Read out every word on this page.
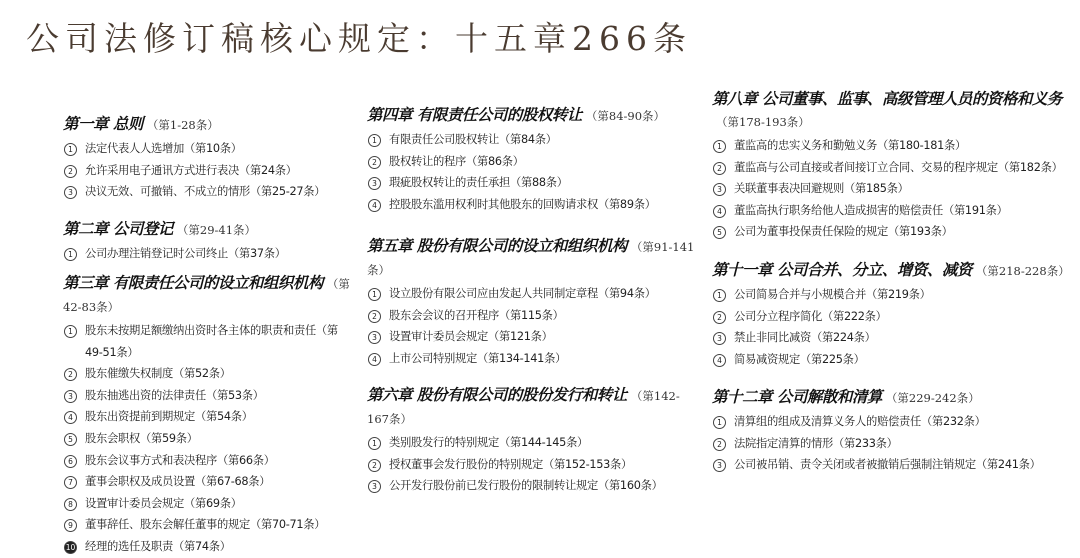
公司法修订稿核心规定：十五章266条
第一章 总则 （第1-28条）
1	法定代表人人选增加（第10条）
2	允许采用电子通讯方式进行表决（第24条）
3	决议无效、可撤销、不成立的情形（第25-27条）
第二章 公司登记 （第29-41条）
1	公司办理注销登记时公司终止（第37条）
第三章 有限责任公司的设立和组织机构 （第42-83条）
1	股东未按期足额缴纳出资时各主体的职责和责任（第49-51条）
2	股东催缴失权制度（第52条）
3	股东抽逃出资的法律责任（第53条）
4	股东出资提前到期规定（第54条）
5	股东会职权（第59条）
6	股东会议事方式和表决程序（第66条）
7	董事会职权及成员设置（第67-68条）
8	设置审计委员会规定（第69条）
9	董事辞任、股东会解任董事的规定（第70-71条）
10 经理的选任及职责（第74条）
第四章 有限责任公司的股权转让 （第84-90条）
1	有限责任公司股权转让（第84条）
2	股权转让的程序（第86条）
3	瑕疵股权转让的责任承担（第88条）
4	控股股东滥用权利时其他股东的回购请求权（第89条）
第五章 股份有限公司的设立和组织机构 （第91-141条）
1	设立股份有限公司应由发起人共同制定章程（第94条）
2	股东会会议的召开程序（第115条）
3	设置审计委员会规定（第121条）
4	上市公司特别规定（第134-141条）
第六章 股份有限公司的股份发行和转让 （第142-167条）
1	类别股发行的特别规定（第144-145条）
2	授权董事会发行股份的特别规定（第152-153条）
3	公开发行股份前已发行股份的限制转让规定（第160条）
第八章 公司董事、监事、高级管理人员的资格和义务（第178-193条）
1	董监高的忠实义务和勤勉义务（第180-181条）
2	董监高与公司直接或者间接订立合同、交易的程序规定（第182条）
3	关联董事表决回避规则（第185条）
4	董监高执行职务给他人造成损害的赔偿责任（第191条）
5	公司为董事投保责任保险的规定（第193条）
第十一章 公司合并、分立、增资、减资 （第218-228条）
1	公司简易合并与小规模合并（第219条）
2	公司分立程序简化（第222条）
3	禁止非同比减资（第224条）
4	简易减资规定（第225条）
第十二章 公司解散和清算 （第229-242条）
1	清算组的组成及清算义务人的赔偿责任（第232条）
2	法院指定清算的情形（第233条）
3	公司被吊销、责令关闭或者被撤销后强制注销规定（第241条）
